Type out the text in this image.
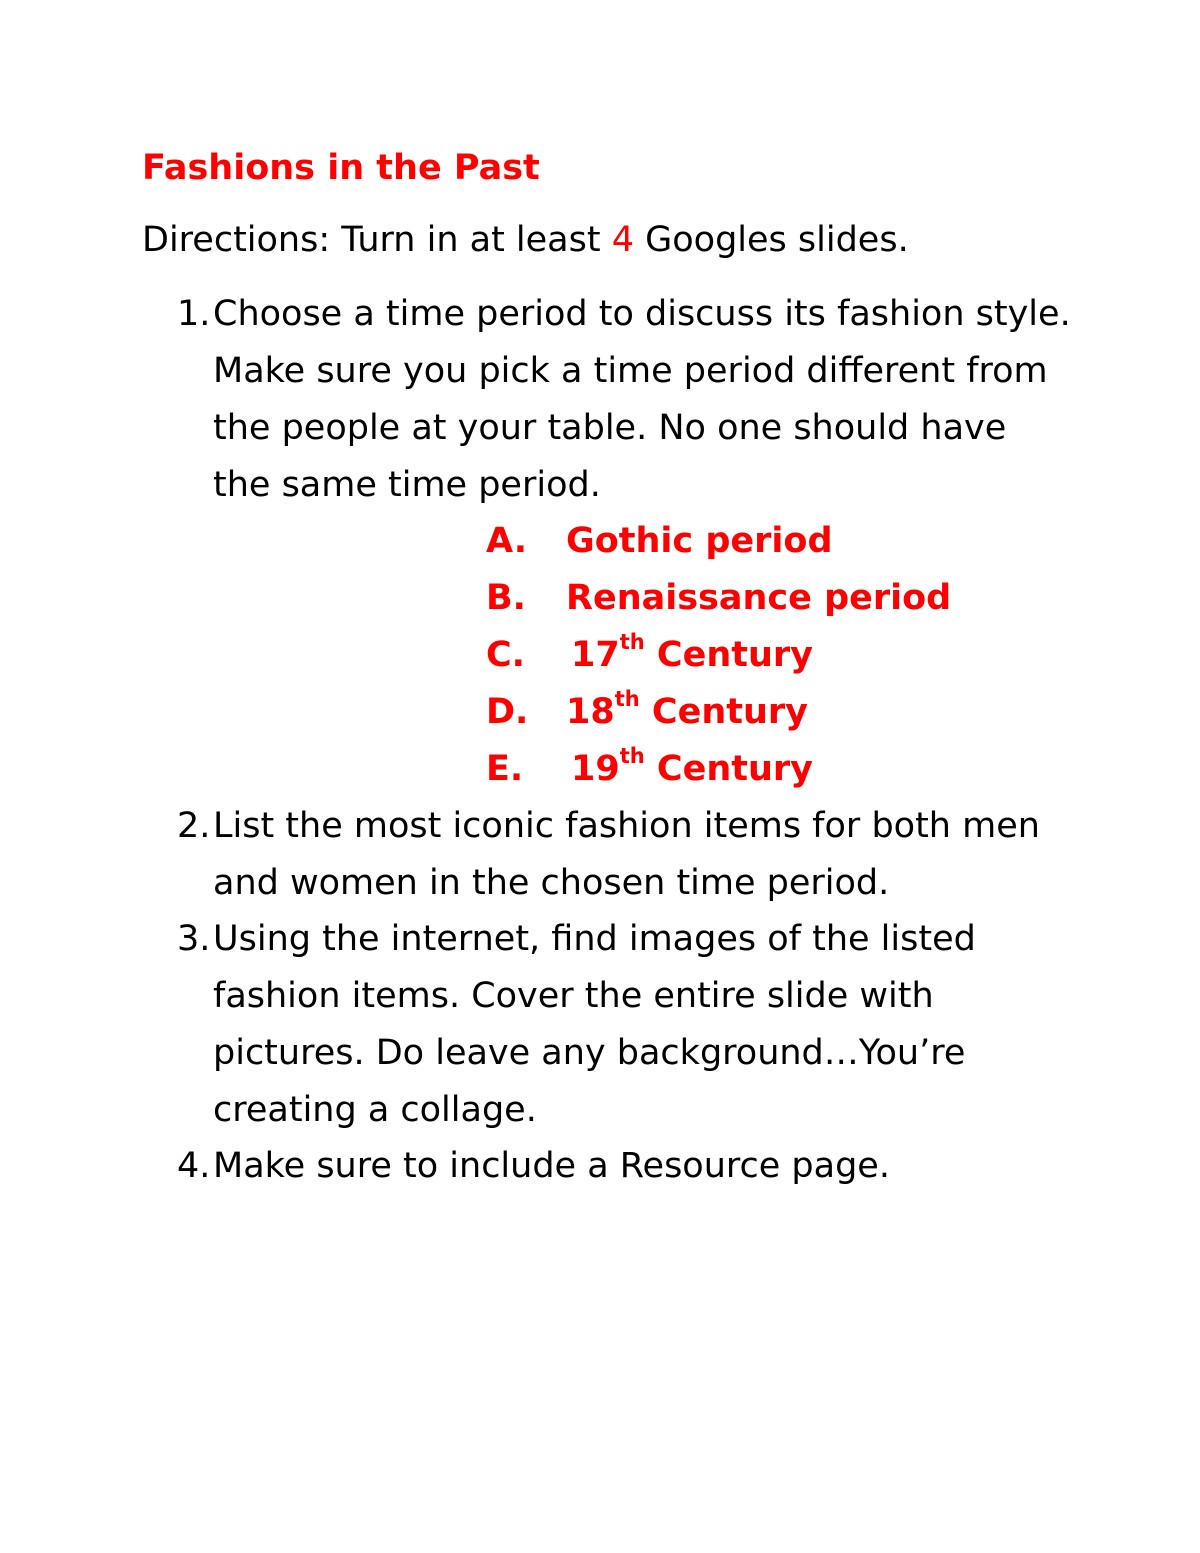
Fashions in the Past
Directions: Turn in at least 4 Googles slides.
1. Choose a time period to discuss its fashion style.
Make sure you pick a time period different from
the people at your table. No one should have
the same time period.
A. Gothic period
B. Renaissance period
C. 17th Century
D. 18th Century
E. 19th Century
2. List the most iconic fashion items for both men
and women in the chosen time period.
3. Using the internet, find images of the listed
fashion items. Cover the entire slide with
pictures. Do leave any background…You’re
creating a collage.
4. Make sure to include a Resource page.
